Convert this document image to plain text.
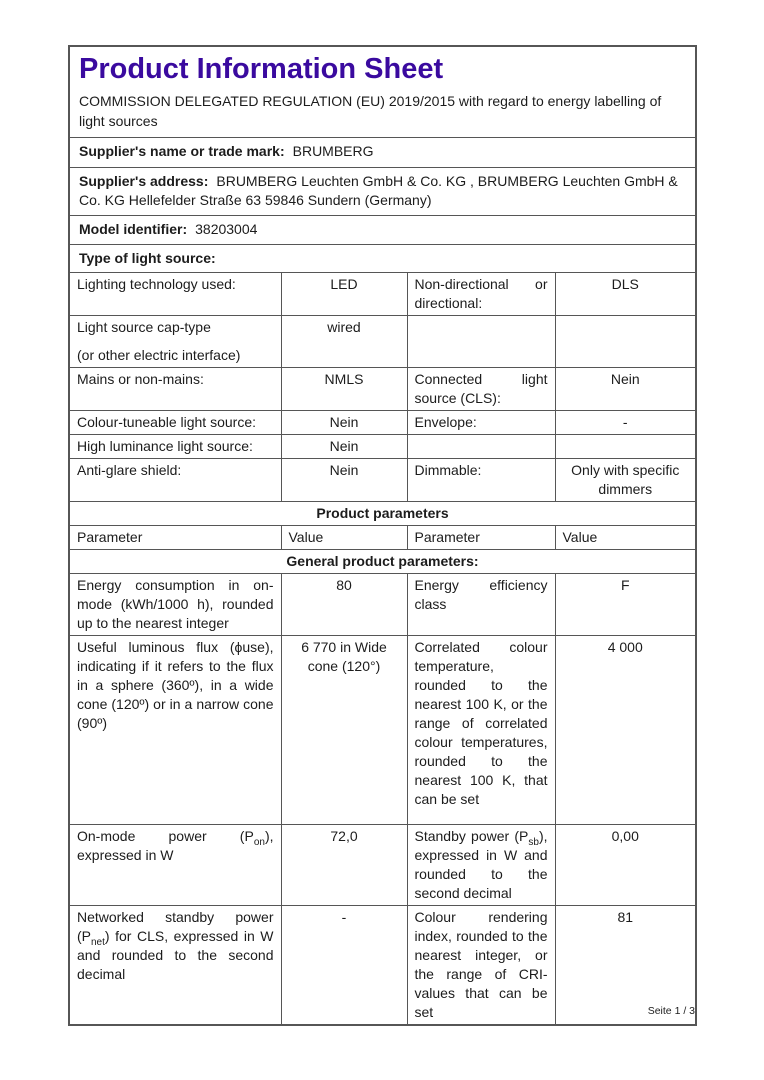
Product Information Sheet
COMMISSION DELEGATED REGULATION (EU) 2019/2015 with regard to energy labelling of light sources

Supplier's name or trade mark: BRUMBERG			
Supplier's address: BRUMBERG Leuchten GmbH & Co. KG , BRUMBERG Leuchten GmbH & Co. KG Hellefelder Straße 63 59846 Sundern (Germany)			
Model identifier: 38203004			
Type of light source:			
Lighting technology used:	LED	Non-directional or directional:	DLS

Light source cap-type
(or other electric interface)	wired		
Mains or non-mains:	NMLS	Connected light source (CLS):	Nein
Colour-tuneable light source:	Nein	Envelope:	-
High luminance light source:	Nein		
Anti-glare shield:	Nein	Dimmable:	Only with specific dimmers
Product parameters			
Parameter	Value	Parameter	Value
General product parameters:			
Energy consumption in on-mode (kWh/1000 h), rounded up to the nearest integer	80	Energy efficiency class	F
Useful luminous flux (ϕuse), indicating if it refers to the flux in a sphere (360º), in a wide cone (120º) or in a narrow cone (90º)	6 770 in Wide cone (120°)	Correlated colour temperature, rounded to the nearest 100 K, or the range of correlated colour temperatures, rounded to the nearest 100 K, that can be set	4 000
On-mode power $(P_{on})$, expressed in W	72,0	Standby power $(P_{sb})$, expressed in W and rounded to the second decimal	0,00
Networked standby power $(P_{net})$ for CLS, expressed in W and rounded to the second decimal	-	Colour rendering index, rounded to the nearest integer, or the range of CRI-values that can be set	81
Seite 1 / 3
